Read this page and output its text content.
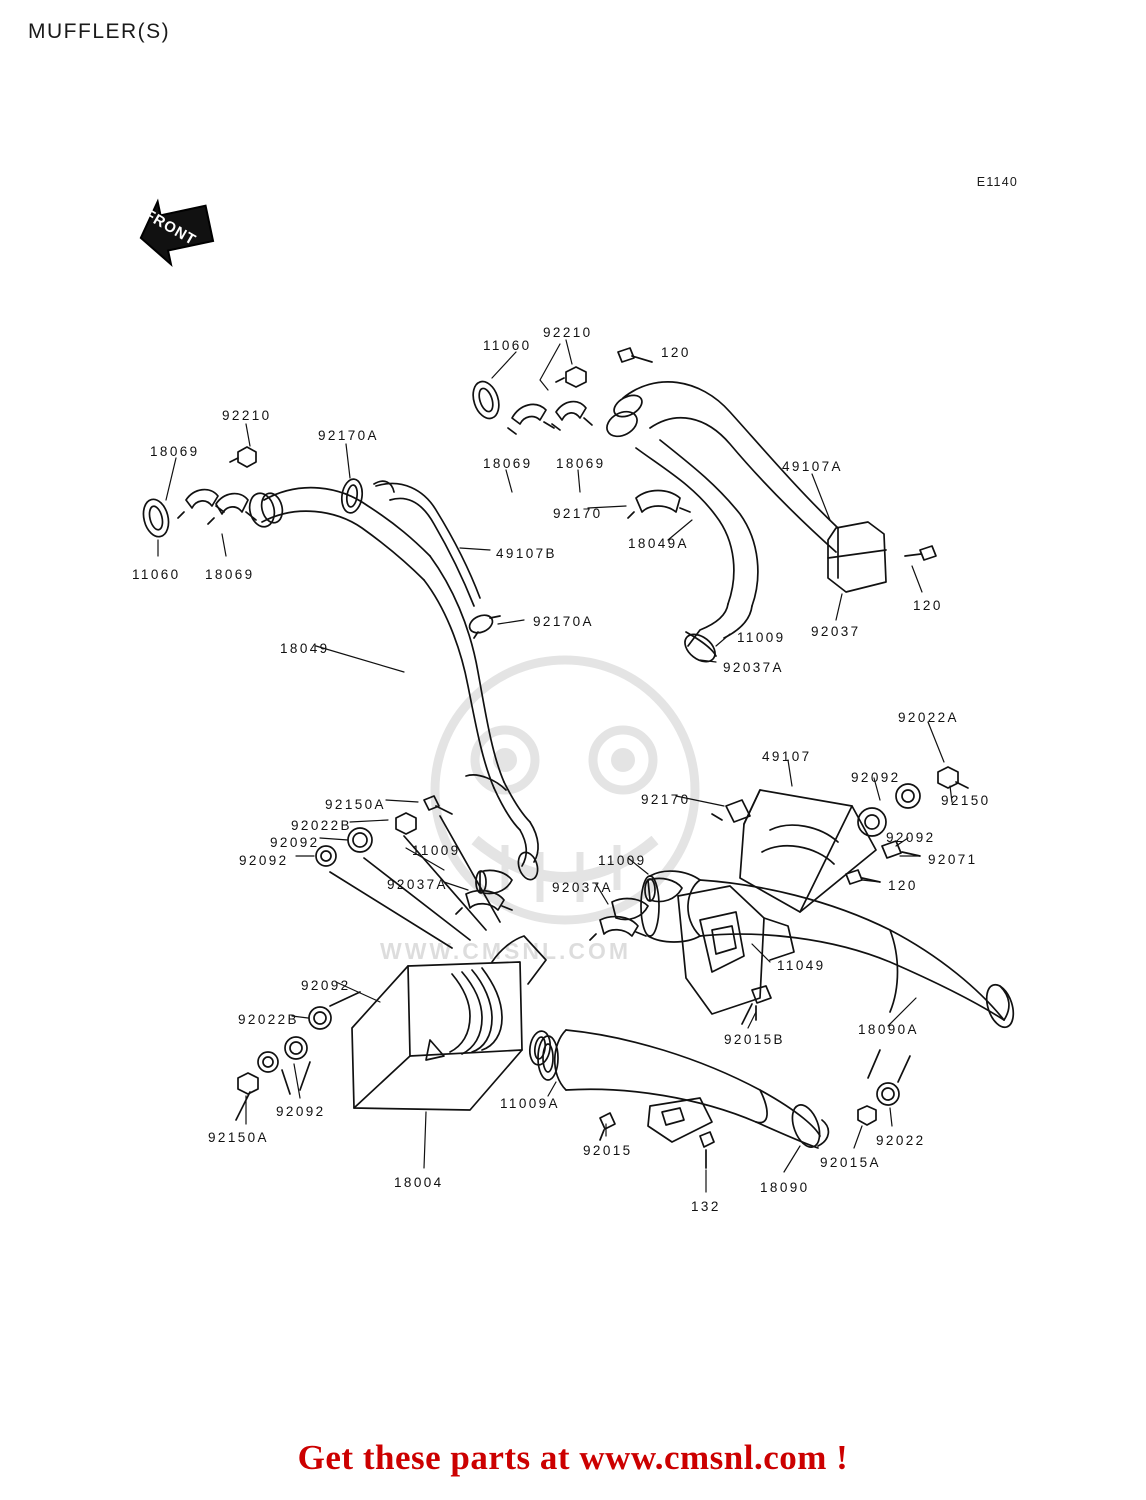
MUFFLER(S)
E1140
FRONT
WWW.CMSNL.COM
11060
92210
120
92210
92170A
18069
18069 18069	49107A
92170
18049A
49107B
11060 18069
120
92037
11009
18049
92170A
92037A
92022A
49107
92092
92150
92150A	92170
92022B
92092	92092
11009
92092	11009	92071
120
92037A	92037A
11049
92092
18090A
92015B
92022B
92092
11009A
92150A
92015
92022
92015A
18004	18090
132
Get these parts at www.cmsnl.com !
